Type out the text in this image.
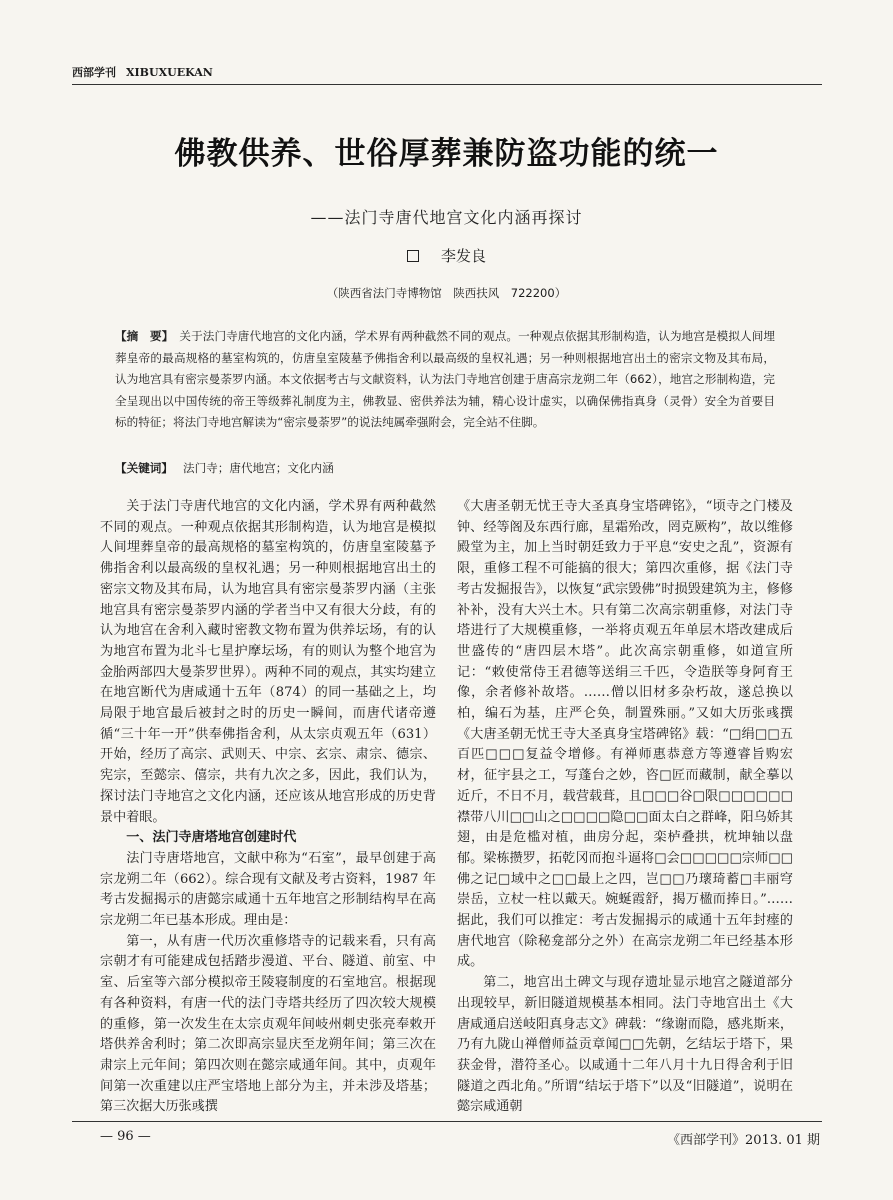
西部学刊 XIBUXUEKAN
佛教供养、世俗厚葬兼防盗功能的统一
——法门寺唐代地宫文化内涵再探讨
李发良
（陕西省法门寺博物馆　陕西扶风　722200）
【摘　要】 关于法门寺唐代地宫的文化内涵，学术界有两种截然不同的观点。一种观点依据其形制构造，认为地宫是模拟人间埋葬皇帝的最高规格的墓室构筑的，仿唐皇室陵墓予佛指舍利以最高级的皇权礼遇；另一种则根据地宫出土的密宗文物及其布局，认为地宫具有密宗曼荼罗内涵。本文依据考古与文献资料，认为法门寺地宫创建于唐高宗龙朔二年（662），地宫之形制构造，完全呈现出以中国传统的帝王等级葬礼制度为主，佛教显、密供养法为辅，精心设计虚实，以确保佛指真身（灵骨）安全为首要目标的特征；将法门寺地宫解读为“密宗曼荼罗”的说法纯属牵强附会，完全站不住脚。
【关键词】 法门寺；唐代地宫；文化内涵

关于法门寺唐代地宫的文化内涵，学术界有两种截然不同的观点。一种观点依据其形制构造，认为地宫是模拟人间埋葬皇帝的最高规格的墓室构筑的，仿唐皇室陵墓予佛指舍利以最高级的皇权礼遇；另一种则根据地宫出土的密宗文物及其布局，认为地宫具有密宗曼荼罗内涵（主张地宫具有密宗曼荼罗内涵的学者当中又有很大分歧，有的认为地宫在舍利入藏时密教文物布置为供养坛场，有的认为地宫布置为北斗七星护摩坛场，有的则认为整个地宫为金胎两部四大曼荼罗世界）。两种不同的观点，其实均建立在地宫断代为唐咸通十五年（874）的同一基础之上，均局限于地宫最后被封之时的历史一瞬间，而唐代诸帝遵循“三十年一开”供奉佛指舍利，从太宗贞观五年（631）开始，经历了高宗、武则天、中宗、玄宗、肃宗、德宗、宪宗，至懿宗、僖宗，共有九次之多，因此，我们认为，探讨法门寺地宫之文化内涵，还应该从地宫形成的历史背景中着眼。

一、法门寺唐塔地宫创建时代

法门寺唐塔地宫，文献中称为“石室”，最早创建于高宗龙朔二年（662）。综合现有文献及考古资料，1987 年考古发掘揭示的唐懿宗咸通十五年地宫之形制结构早在高宗龙朔二年已基本形成。理由是：

第一，从有唐一代历次重修塔寺的记载来看，只有高宗朝才有可能建成包括踏步漫道、平台、隧道、前室、中室、后室等六部分模拟帝王陵寝制度的石室地宫。根据现有各种资料，有唐一代的法门寺塔共经历了四次较大规模的重修，第一次发生在太宗贞观年间岐州刺史张亮奉敕开塔供养舍利时；第二次即高宗显庆至龙朔年间；第三次在肃宗上元年间；第四次则在懿宗咸通年间。其中，贞观年间第一次重建以庄严宝塔地上部分为主，并未涉及塔基；第三次据大历张彧撰

《大唐圣朝无忧王寺大圣真身宝塔碑铭》，“顷寺之门楼及钟、经等阁及东西行廊，星霜殆改，罔克厥构”，故以维修殿堂为主，加上当时朝廷致力于平息“安史之乱”，资源有限，重修工程不可能搞的很大；第四次重修，据《法门寺考古发掘报告》，以恢复“武宗毁佛”时损毁建筑为主，修修补补，没有大兴土木。只有第二次高宗朝重修，对法门寺塔进行了大规模重修，一举将贞观五年单层木塔改建成后世盛传的“唐四层木塔”。此次高宗朝重修，如道宣所记：“敕使常侍王君德等送绢三千匹，令造朕等身阿育王像，余者修补故塔。……僧以旧材多杂朽故，遂总换以柏，编石为基，庄严仑奂，制置殊丽。”又如大历张彧撰《大唐圣朝无忧王寺大圣真身宝塔碑铭》载：“□绢□□五百匹□□□复益令增修。有禅师惠恭意方等遵睿旨购宏材，征宇县之工，写蓬台之妙，咨□匠而藏制，献全摹以近斤，不日不月，载营载葺，且□□□谷□限□□□□□□襟带八川□□山之□□□□隐□□面太白之群峰，阳乌娇其翅，由是危槛对植，曲房分起，栾栌叠拱，枕坤轴以盘郁。梁栋攒罗，拓乾冈而抱斗逼将□会□□□□□宗师□□佛之记□域中之□□最上之四，岂□□乃瓌琦蓄□丰丽穹崇岳，立杖一柱以戴天。婉蜒霞舒，揭万楹而捧日。”……据此，我们可以推定：考古发掘揭示的咸通十五年封瘗的唐代地宫（除秘龛部分之外）在高宗龙朔二年已经基本形成。

第二，地宫出土碑文与现存遗址显示地宫之隧道部分出现较早，新旧隧道规模基本相同。法门寺地宫出土《大唐咸通启送岐阳真身志文》碑载：“缘谢而隐，感兆斯来，乃有九陇山禅僧师益贡章闻□□先朝，乞结坛于塔下，果获金骨，潜符圣心。以咸通十二年八月十九日得舍利于旧隧道之西北角。”所谓“结坛于塔下”以及“旧隧道”，说明在懿宗咸通朝

— 96 —	《西部学刊》2013. 01 期
